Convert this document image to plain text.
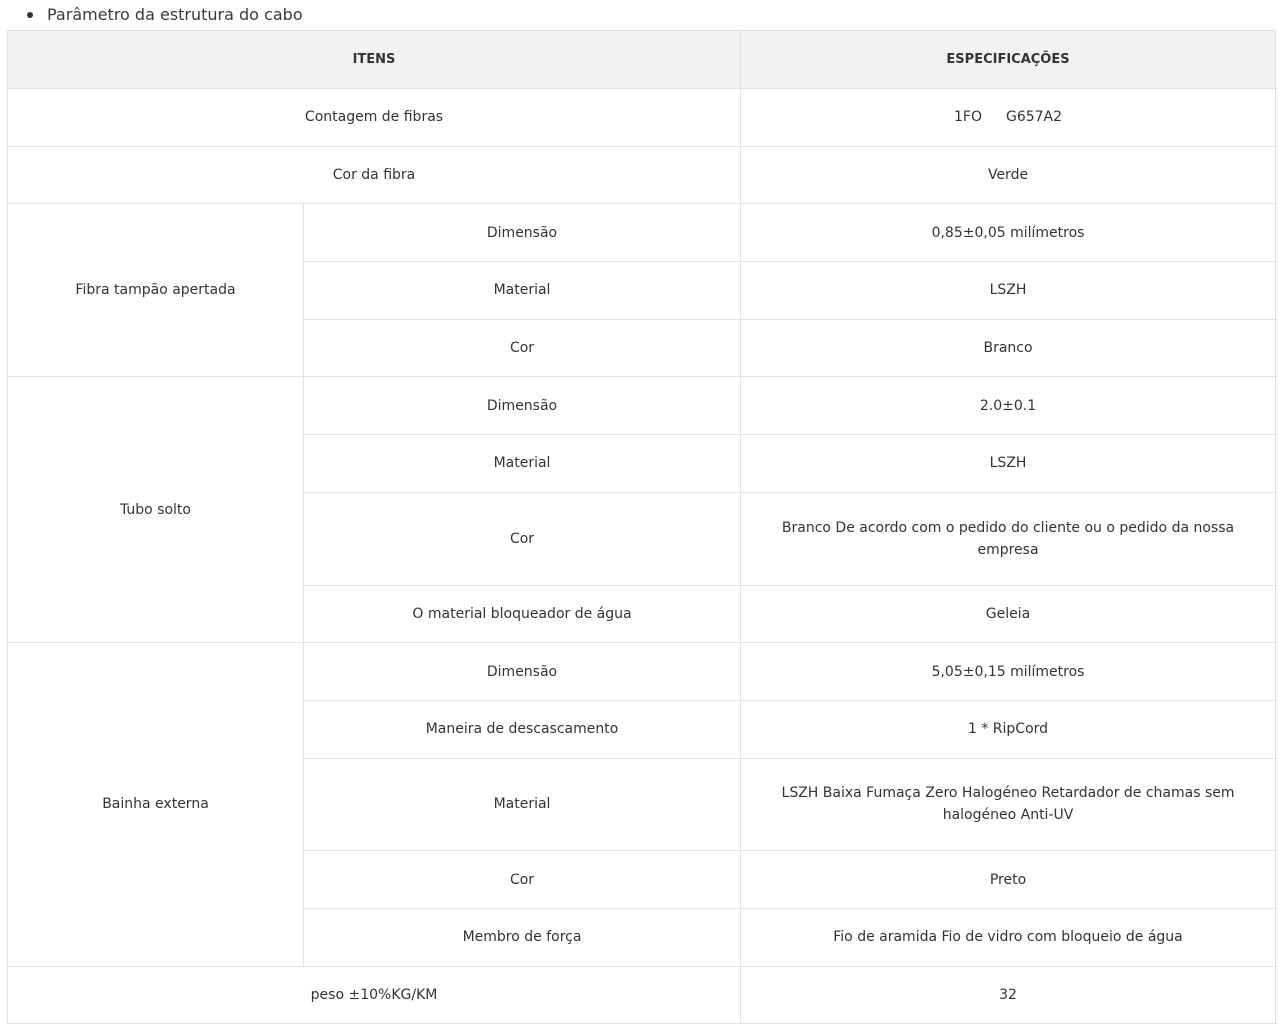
Parâmetro da estrutura do cabo
ITENS		ESPECIFICAÇÕES
Contagem de fibras		1FO G657A2
Cor da fibra		Verde
Fibra tampão apertada	Dimensão	0,85±0,05 milímetros
	Material	LSZH
	Cor	Branco
Tubo solto	Dimensão	2.0±0.1
	Material	LSZH
	Cor	Branco De acordo com o pedido do cliente ou o pedido da nossa empresa
	O material bloqueador de água	Geleia
Bainha externa	Dimensão	5,05±0,15 milímetros
	Maneira de descascamento	1 * RipCord
	Material	LSZH Baixa Fumaça Zero Halogéneo Retardador de chamas sem halogéneo Anti-UV
	Cor	Preto
	Membro de força	Fio de aramida Fio de vidro com bloqueio de água
peso ±10%KG/KM		32
